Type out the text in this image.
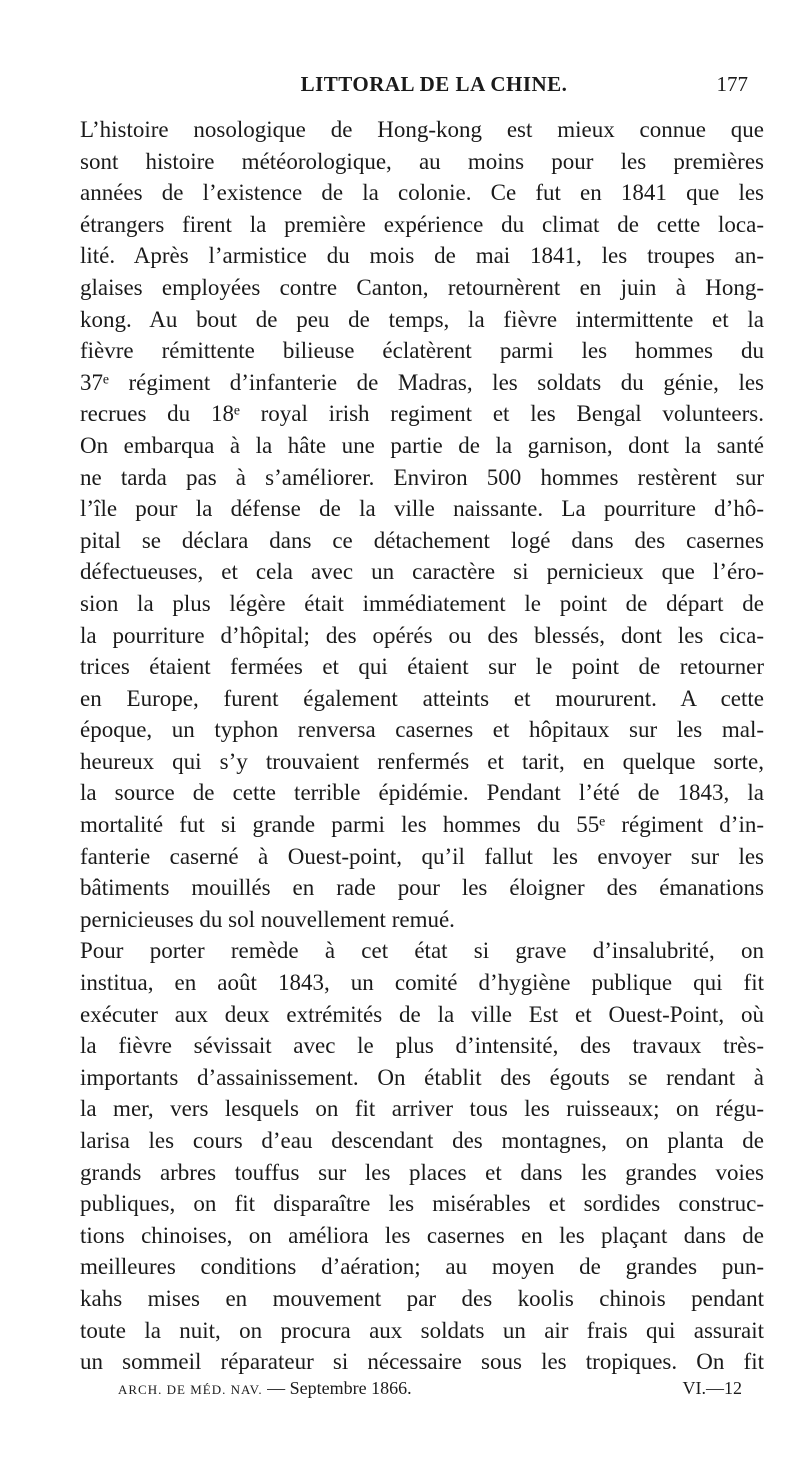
LITTORAL DE LA CHINE.	177

L’histoire nosologique de Hong-kong est mieux connue que
sont histoire météorologique, au moins pour les premières
années de l’existence de la colonie. Ce fut en 1841 que les
étrangers firent la première expérience du climat de cette loca-
lité. Après l’armistice du mois de mai 1841, les troupes an-
glaises employées contre Canton, retournèrent en juin à Hong-
kong. Au bout de peu de temps, la fièvre intermittente et la
fièvre rémittente bilieuse éclatèrent parmi les hommes du
37ᵉ régiment d’infanterie de Madras, les soldats du génie, les
recrues du 18ᵉ royal irish regiment et les Bengal volunteers.
On embarqua à la hâte une partie de la garnison, dont la santé
ne tarda pas à s’améliorer. Environ 500 hommes restèrent sur
l’île pour la défense de la ville naissante. La pourriture d’hô-
pital se déclara dans ce détachement logé dans des casernes
défectueuses, et cela avec un caractère si pernicieux que l’éro-
sion la plus légère était immédiatement le point de départ de
la pourriture d’hôpital; des opérés ou des blessés, dont les cica-
trices étaient fermées et qui étaient sur le point de retourner
en Europe, furent également atteints et moururent. A cette
époque, un typhon renversa casernes et hôpitaux sur les mal-
heureux qui s’y trouvaient renfermés et tarit, en quelque sorte,
la source de cette terrible épidémie. Pendant l’été de 1843, la
mortalité fut si grande parmi les hommes du 55ᵉ régiment d’in-
fanterie caserné à Ouest-point, qu’il fallut les envoyer sur les
bâtiments mouillés en rade pour les éloigner des émanations
pernicieuses du sol nouvellement remué.

Pour porter remède à cet état si grave d’insalubrité, on
institua, en août 1843, un comité d’hygiène publique qui fit
exécuter aux deux extrémités de la ville Est et Ouest-Point, où
la fièvre sévissait avec le plus d’intensité, des travaux très-
importants d’assainissement. On établit des égouts se rendant à
la mer, vers lesquels on fit arriver tous les ruisseaux; on régu-
larisa les cours d’eau descendant des montagnes, on planta de
grands arbres touffus sur les places et dans les grandes voies
publiques, on fit disparaître les misérables et sordides construc-
tions chinoises, on améliora les casernes en les plaçant dans de
meilleures conditions d’aération; au moyen de grandes pun-
kahs mises en mouvement par des koolis chinois pendant
toute la nuit, on procura aux soldats un air frais qui assurait
un sommeil réparateur si nécessaire sous les tropiques. On fit

ARCH. DE MÉD. NAV. — Septembre 1866.	VI.—12
